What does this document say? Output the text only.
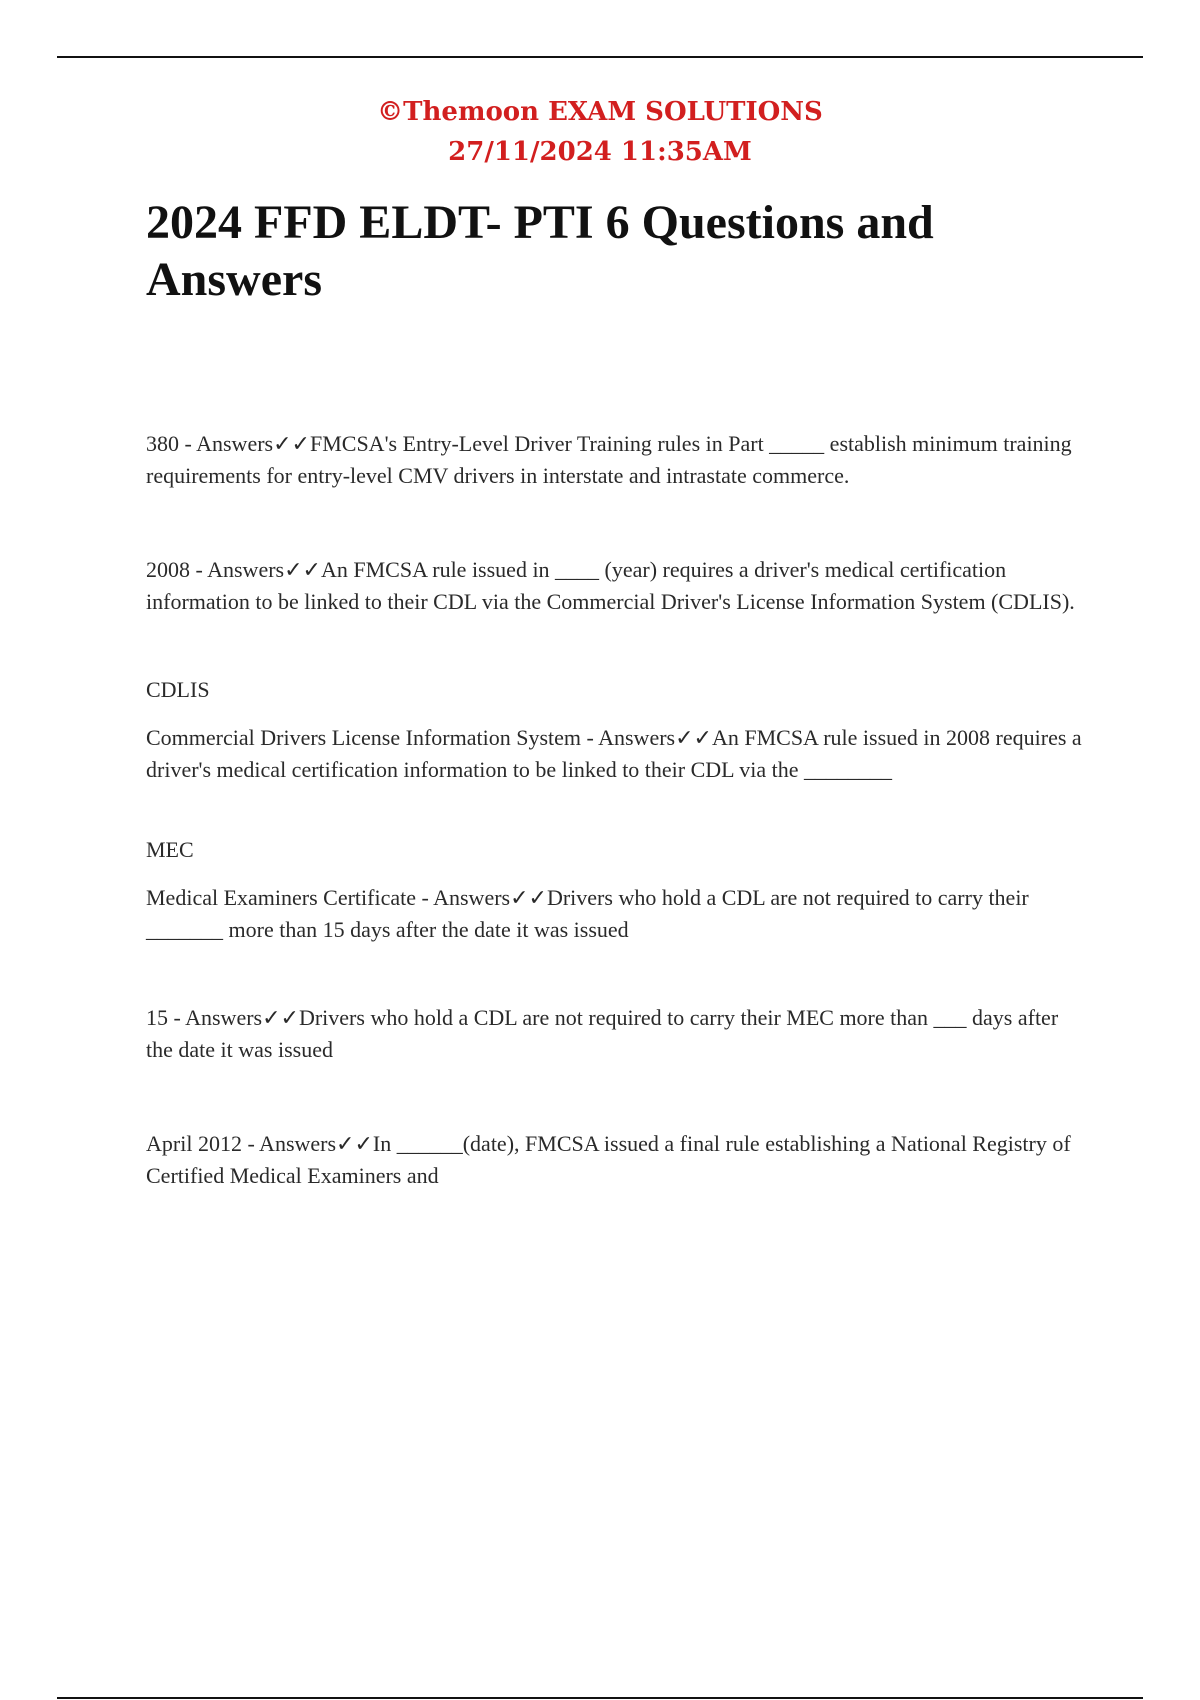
©Themoon EXAM SOLUTIONS
27/11/2024 11:35AM
2024 FFD ELDT- PTI 6 Questions and Answers

380 - Answers✓✓FMCSA's Entry-Level Driver Training rules in Part _____ establish minimum training requirements for entry-level CMV drivers in interstate and intrastate commerce.

2008 - Answers✓✓An FMCSA rule issued in ____ (year) requires a driver's medical certification information to be linked to their CDL via the Commercial Driver's License Information System (CDLIS).

CDLIS

Commercial Drivers License Information System - Answers✓✓An FMCSA rule issued in 2008 requires a driver's medical certification information to be linked to their CDL via the ________

MEC

Medical Examiners Certificate - Answers✓✓Drivers who hold a CDL are not required to carry their _______ more than 15 days after the date it was issued

15 - Answers✓✓Drivers who hold a CDL are not required to carry their MEC more than ___ days after the date it was issued

April 2012 - Answers✓✓In ______(date), FMCSA issued a final rule establishing a National Registry of Certified Medical Examiners and
